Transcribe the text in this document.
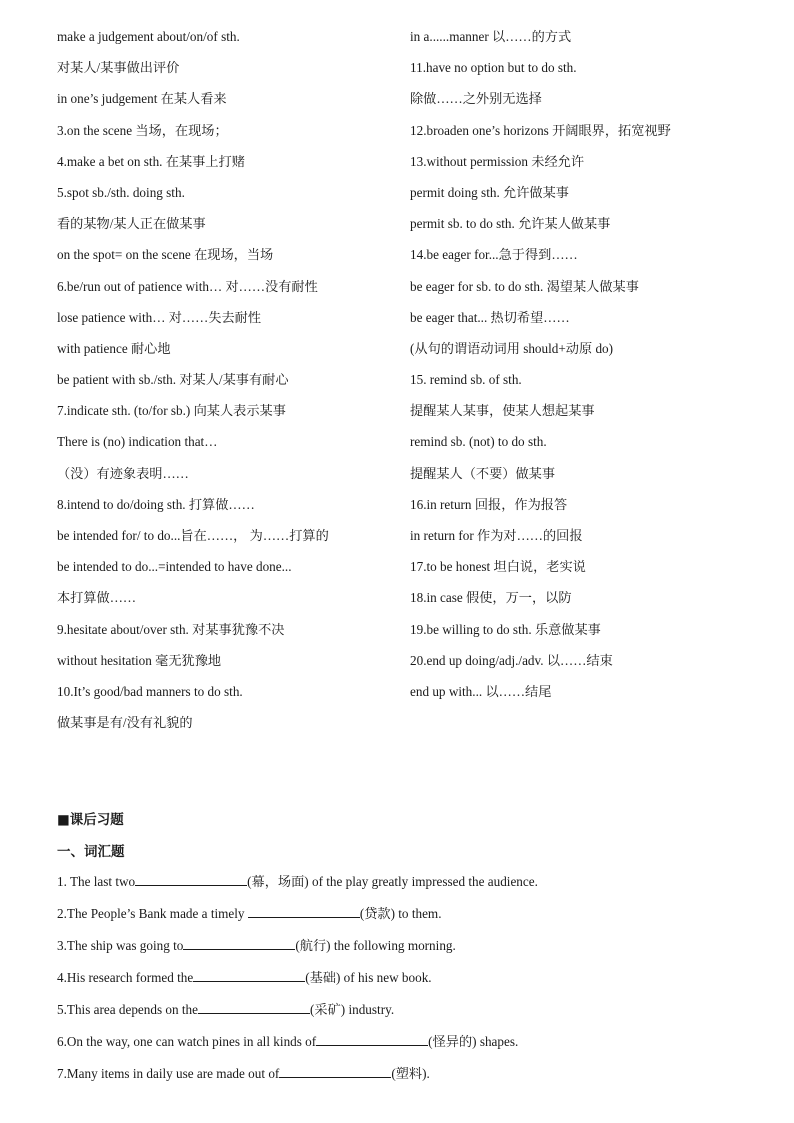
make a judgement about/on/of sth.
对某人/某事做出评价
in one’s judgement 在某人看来
3.on the scene 当场，在现场；
4.make a bet on sth. 在某事上打赌
5.spot sb./sth. doing sth.
看的某物/某人正在做某事
on the spot= on the scene 在现场，当场
6.be/run out of patience with… 对……没有耐性
lose patience with… 对……失去耐性
with patience 耐心地
be patient with sb./sth. 对某人/某事有耐心
7.indicate sth. (to/for sb.) 向某人表示某事
There is (no) indication that…
（没）有迹象表明……
8.intend to do/doing sth. 打算做……
be intended for/ to do...旨在……， 为……打算的
be intended to do...=intended to have done...
本打算做……
9.hesitate about/over sth. 对某事犹豫不决
without hesitation 毫无犹豫地
10.It’s good/bad manners to do sth.
做某事是有/没有礼貌的
in a......manner 以……的方式
11.have no option but to do sth.
除做……之外别无选择
12.broaden one’s horizons 开阔眼界，拓宽视野
13.without permission 未经允许
permit doing sth. 允许做某事
permit sb. to do sth. 允许某人做某事
14.be eager for...急于得到……
be eager for sb. to do sth. 渴望某人做某事
be eager that... 热切希望……
(从句的谓语动词用 should+动原 do)
15. remind sb. of sth.
提醒某人某事，使某人想起某事
remind sb. (not) to do sth.
提醒某人（不要）做某事
16.in return 回报，作为报答
in return for 作为对……的回报
17.to be honest 坦白说，老实说
18.in case 假使，万一，以防
19.be willing to do sth. 乐意做某事
20.end up doing/adj./adv. 以……结束
end up with... 以……结尾
■课后习题
一、词汇题
1. The last two	(幕，场面) of the play greatly impressed the audience.
2.The People’s Bank made a timely	(贷款) to them.
3.The ship was going to	(航行) the following morning.
4.His research formed the	(基础) of his new book.
5.This area depends on the	(采矿) industry.
6.On the way, one can watch pines in all kinds of	(怪异的) shapes.
7.Many items in daily use are made out of	(塑料).
